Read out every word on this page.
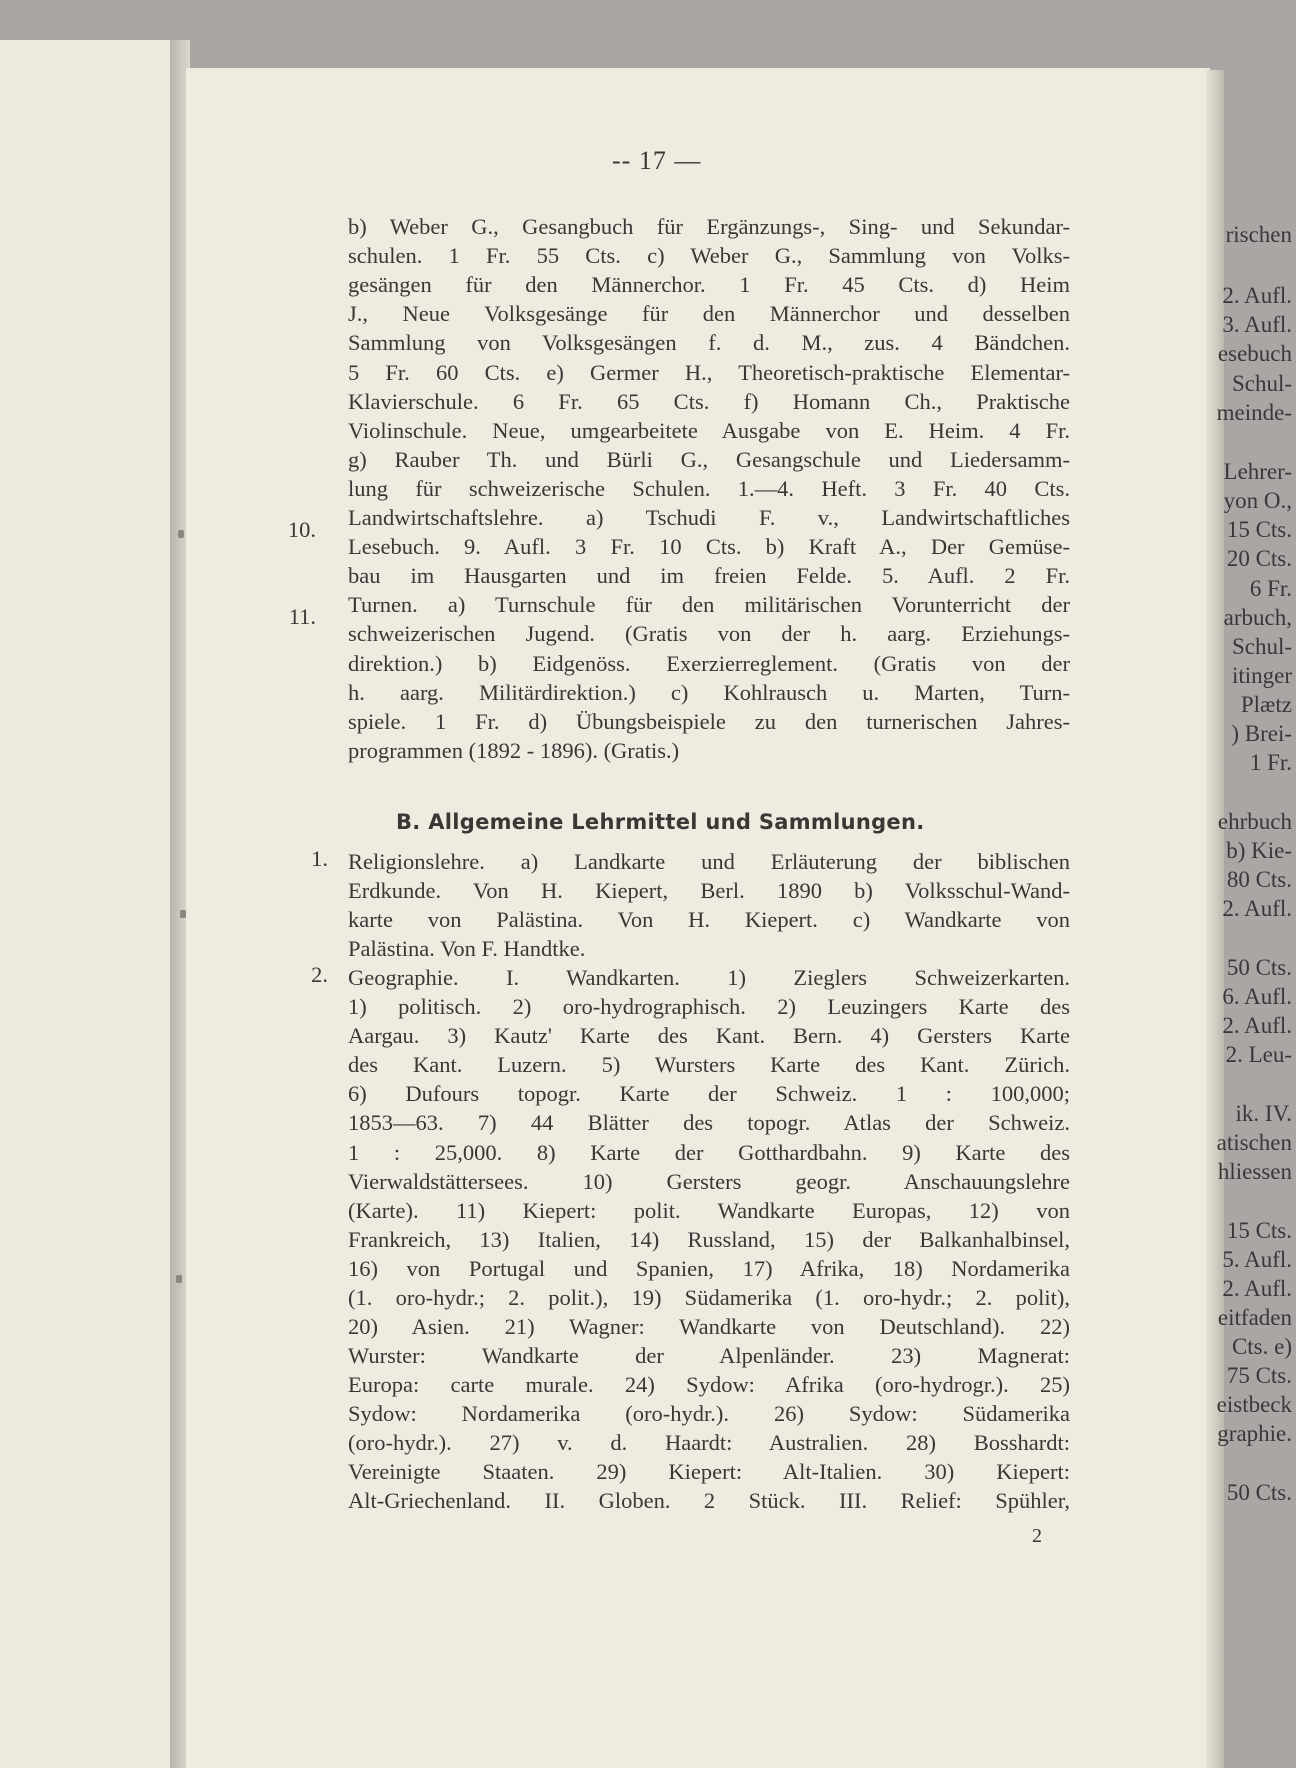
rischen
2. Aufl.
3. Aufl.
esebuch
Schul-
meinde-
Lehrer-
yon O.,
15 Cts.
20 Cts.
6 Fr.
arbuch,
Schul-
itinger
Plætz
) Brei-
1 Fr.
ehrbuch
b) Kie-
80 Cts.
2. Aufl.
50 Cts.
6. Aufl.
2. Aufl.
2. Leu-
ik. IV.
atischen
hliessen
15 Cts.
5. Aufl.
2. Aufl.
eitfaden
Cts. e)
75 Cts.
eistbeck
graphie.
50 Cts.
-- 17 —
b) Weber G., Gesangbuch für Ergänzungs-, Sing- und Sekundar-
schulen. 1 Fr. 55 Cts. c) Weber G., Sammlung von Volks-
gesängen für den Männerchor. 1 Fr. 45 Cts. d) Heim
J., Neue Volksgesänge für den Männerchor und desselben
Sammlung von Volksgesängen f. d. M., zus. 4 Bändchen.
5 Fr. 60 Cts. e) Germer H., Theoretisch-praktische Elementar-
Klavierschule. 6 Fr. 65 Cts. f) Homann Ch., Praktische
Violinschule. Neue, umgearbeitete Ausgabe von E. Heim. 4 Fr.
g) Rauber Th. und Bürli G., Gesangschule und Liedersamm-
lung für schweizerische Schulen. 1.—4. Heft. 3 Fr. 40 Cts.
Landwirtschaftslehre. a) Tschudi F. v., Landwirtschaftliches
Lesebuch. 9. Aufl. 3 Fr. 10 Cts. b) Kraft A., Der Gemüse-
bau im Hausgarten und im freien Felde. 5. Aufl. 2 Fr.
Turnen. a) Turnschule für den militärischen Vorunterricht der
schweizerischen Jugend. (Gratis von der h. aarg. Erziehungs-
direktion.) b) Eidgenöss. Exerzierreglement. (Gratis von der
h. aarg. Militärdirektion.) c) Kohlrausch u. Marten, Turn-
spiele. 1 Fr. d) Übungsbeispiele zu den turnerischen Jahres-
programmen (1892 - 1896). (Gratis.)
B. Allgemeine Lehrmittel und Sammlungen.
Religionslehre. a) Landkarte und Erläuterung der biblischen
Erdkunde. Von H. Kiepert, Berl. 1890 b) Volksschul-Wand-
karte von Palästina. Von H. Kiepert. c) Wandkarte von
Palästina. Von F. Handtke.
Geographie. I. Wandkarten. 1) Zieglers Schweizerkarten.
1) politisch. 2) oro-hydrographisch. 2) Leuzingers Karte des
Aargau. 3) Kautz' Karte des Kant. Bern. 4) Gersters Karte
des Kant. Luzern. 5) Wursters Karte des Kant. Zürich.
6) Dufours topogr. Karte der Schweiz. 1 : 100,000;
1853—63. 7) 44 Blätter des topogr. Atlas der Schweiz.
1 : 25,000. 8) Karte der Gotthardbahn. 9) Karte des
Vierwaldstättersees. 10) Gersters geogr. Anschauungslehre
(Karte). 11) Kiepert: polit. Wandkarte Europas, 12) von
Frankreich, 13) Italien, 14) Russland, 15) der Balkanhalbinsel,
16) von Portugal und Spanien, 17) Afrika, 18) Nordamerika
(1. oro-hydr.; 2. polit.), 19) Südamerika (1. oro-hydr.; 2. polit),
20) Asien. 21) Wagner: Wandkarte von Deutschland). 22)
Wurster: Wandkarte der Alpenländer. 23) Magnerat:
Europa: carte murale. 24) Sydow: Afrika (oro-hydrogr.). 25)
Sydow: Nordamerika (oro-hydr.). 26) Sydow: Südamerika
(oro-hydr.). 27) v. d. Haardt: Australien. 28) Bosshardt:
Vereinigte Staaten. 29) Kiepert: Alt-Italien. 30) Kiepert:
Alt-Griechenland. II. Globen. 2 Stück. III. Relief: Spühler,
10.
11.
1.
2.
2
